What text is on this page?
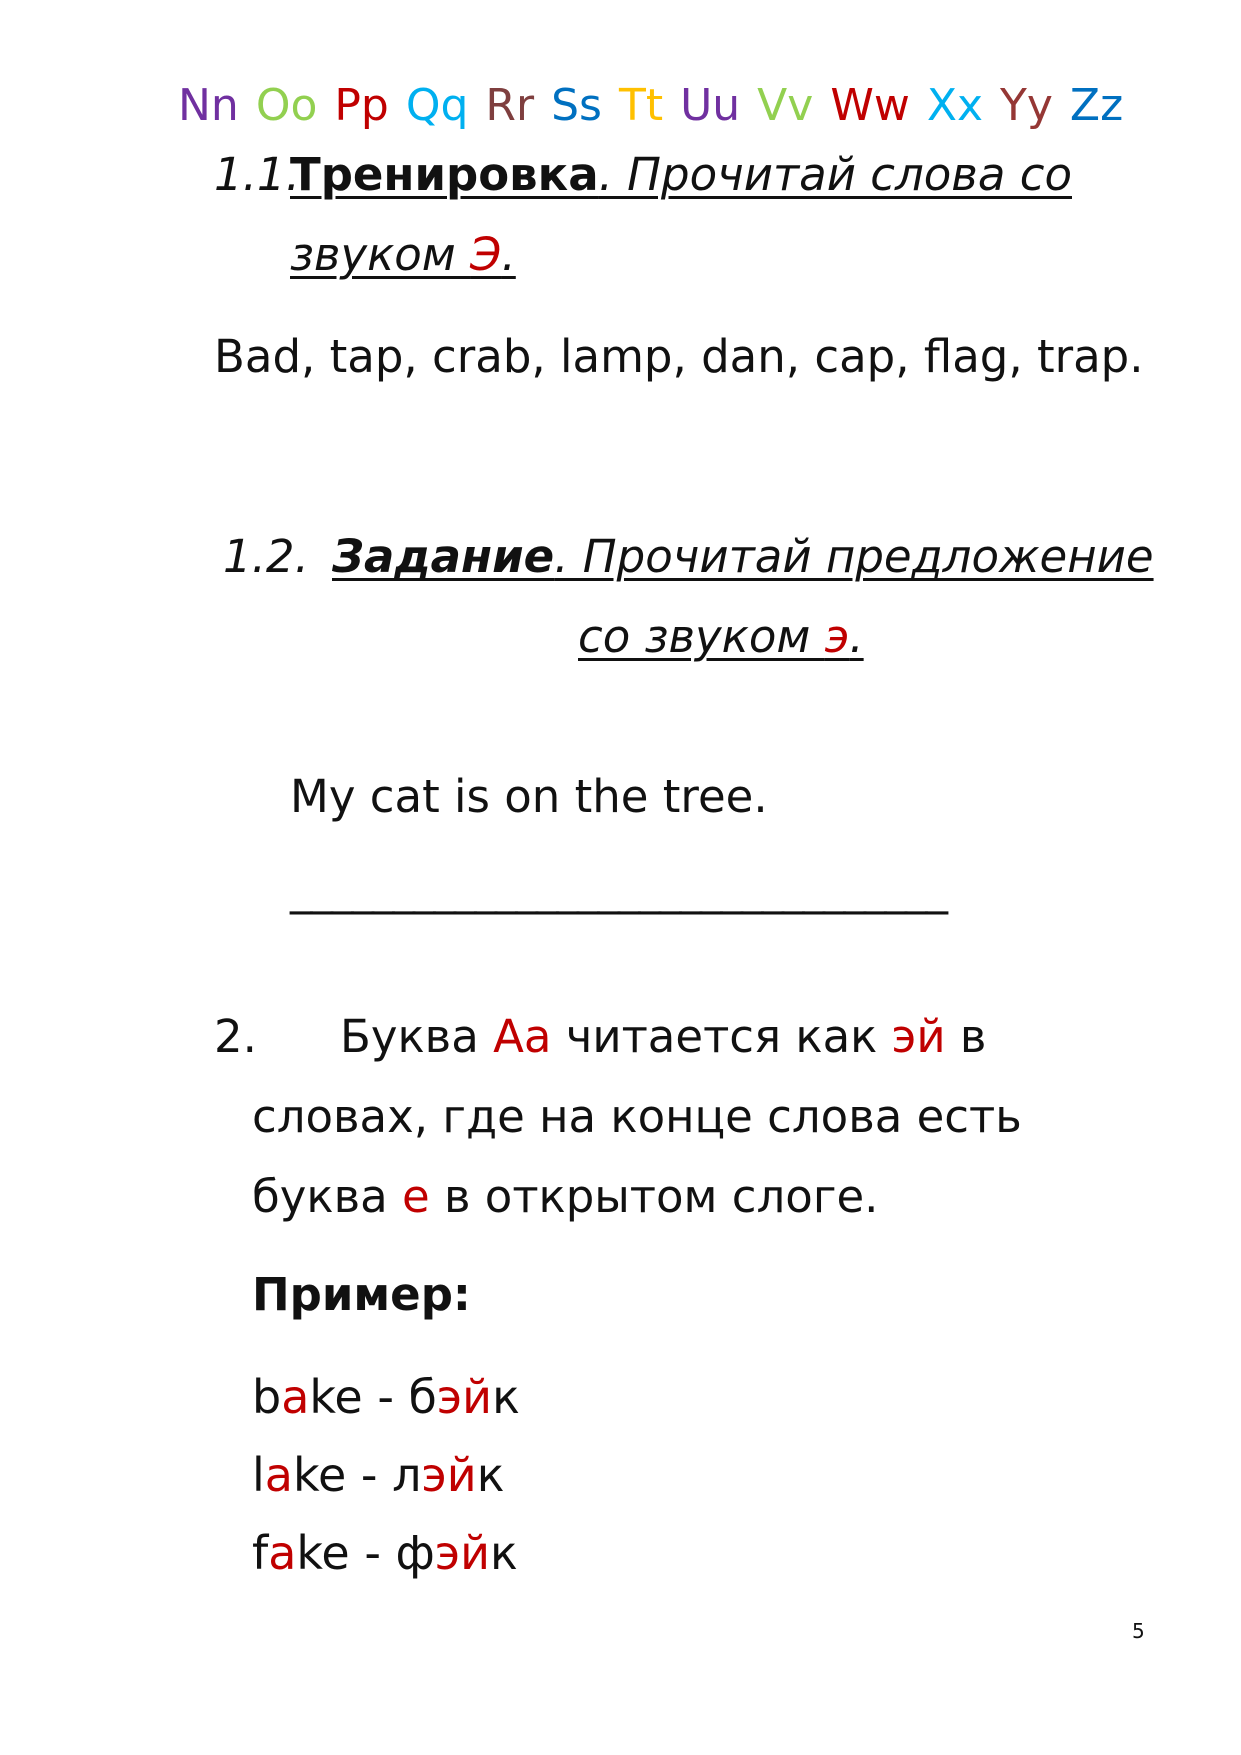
Nn Oo Pp Qq Rr Ss Tt Uu Vv Ww Xx Yy Zz
1.1.
Тренировка. Прочитай слова со
звуком Э.
Bad, tap, crab, lamp, dan, cap, flag, trap.
1.2. Задание. Прочитай предложение
со звуком э.
My cat is on the tree.
________________________________
2. Буква Аа читается как эй в
словах, где на конце слова есть
буква е в открытом слоге.
Пример:
bake - бэйк
lake - лэйк
fake - фэйк
5
